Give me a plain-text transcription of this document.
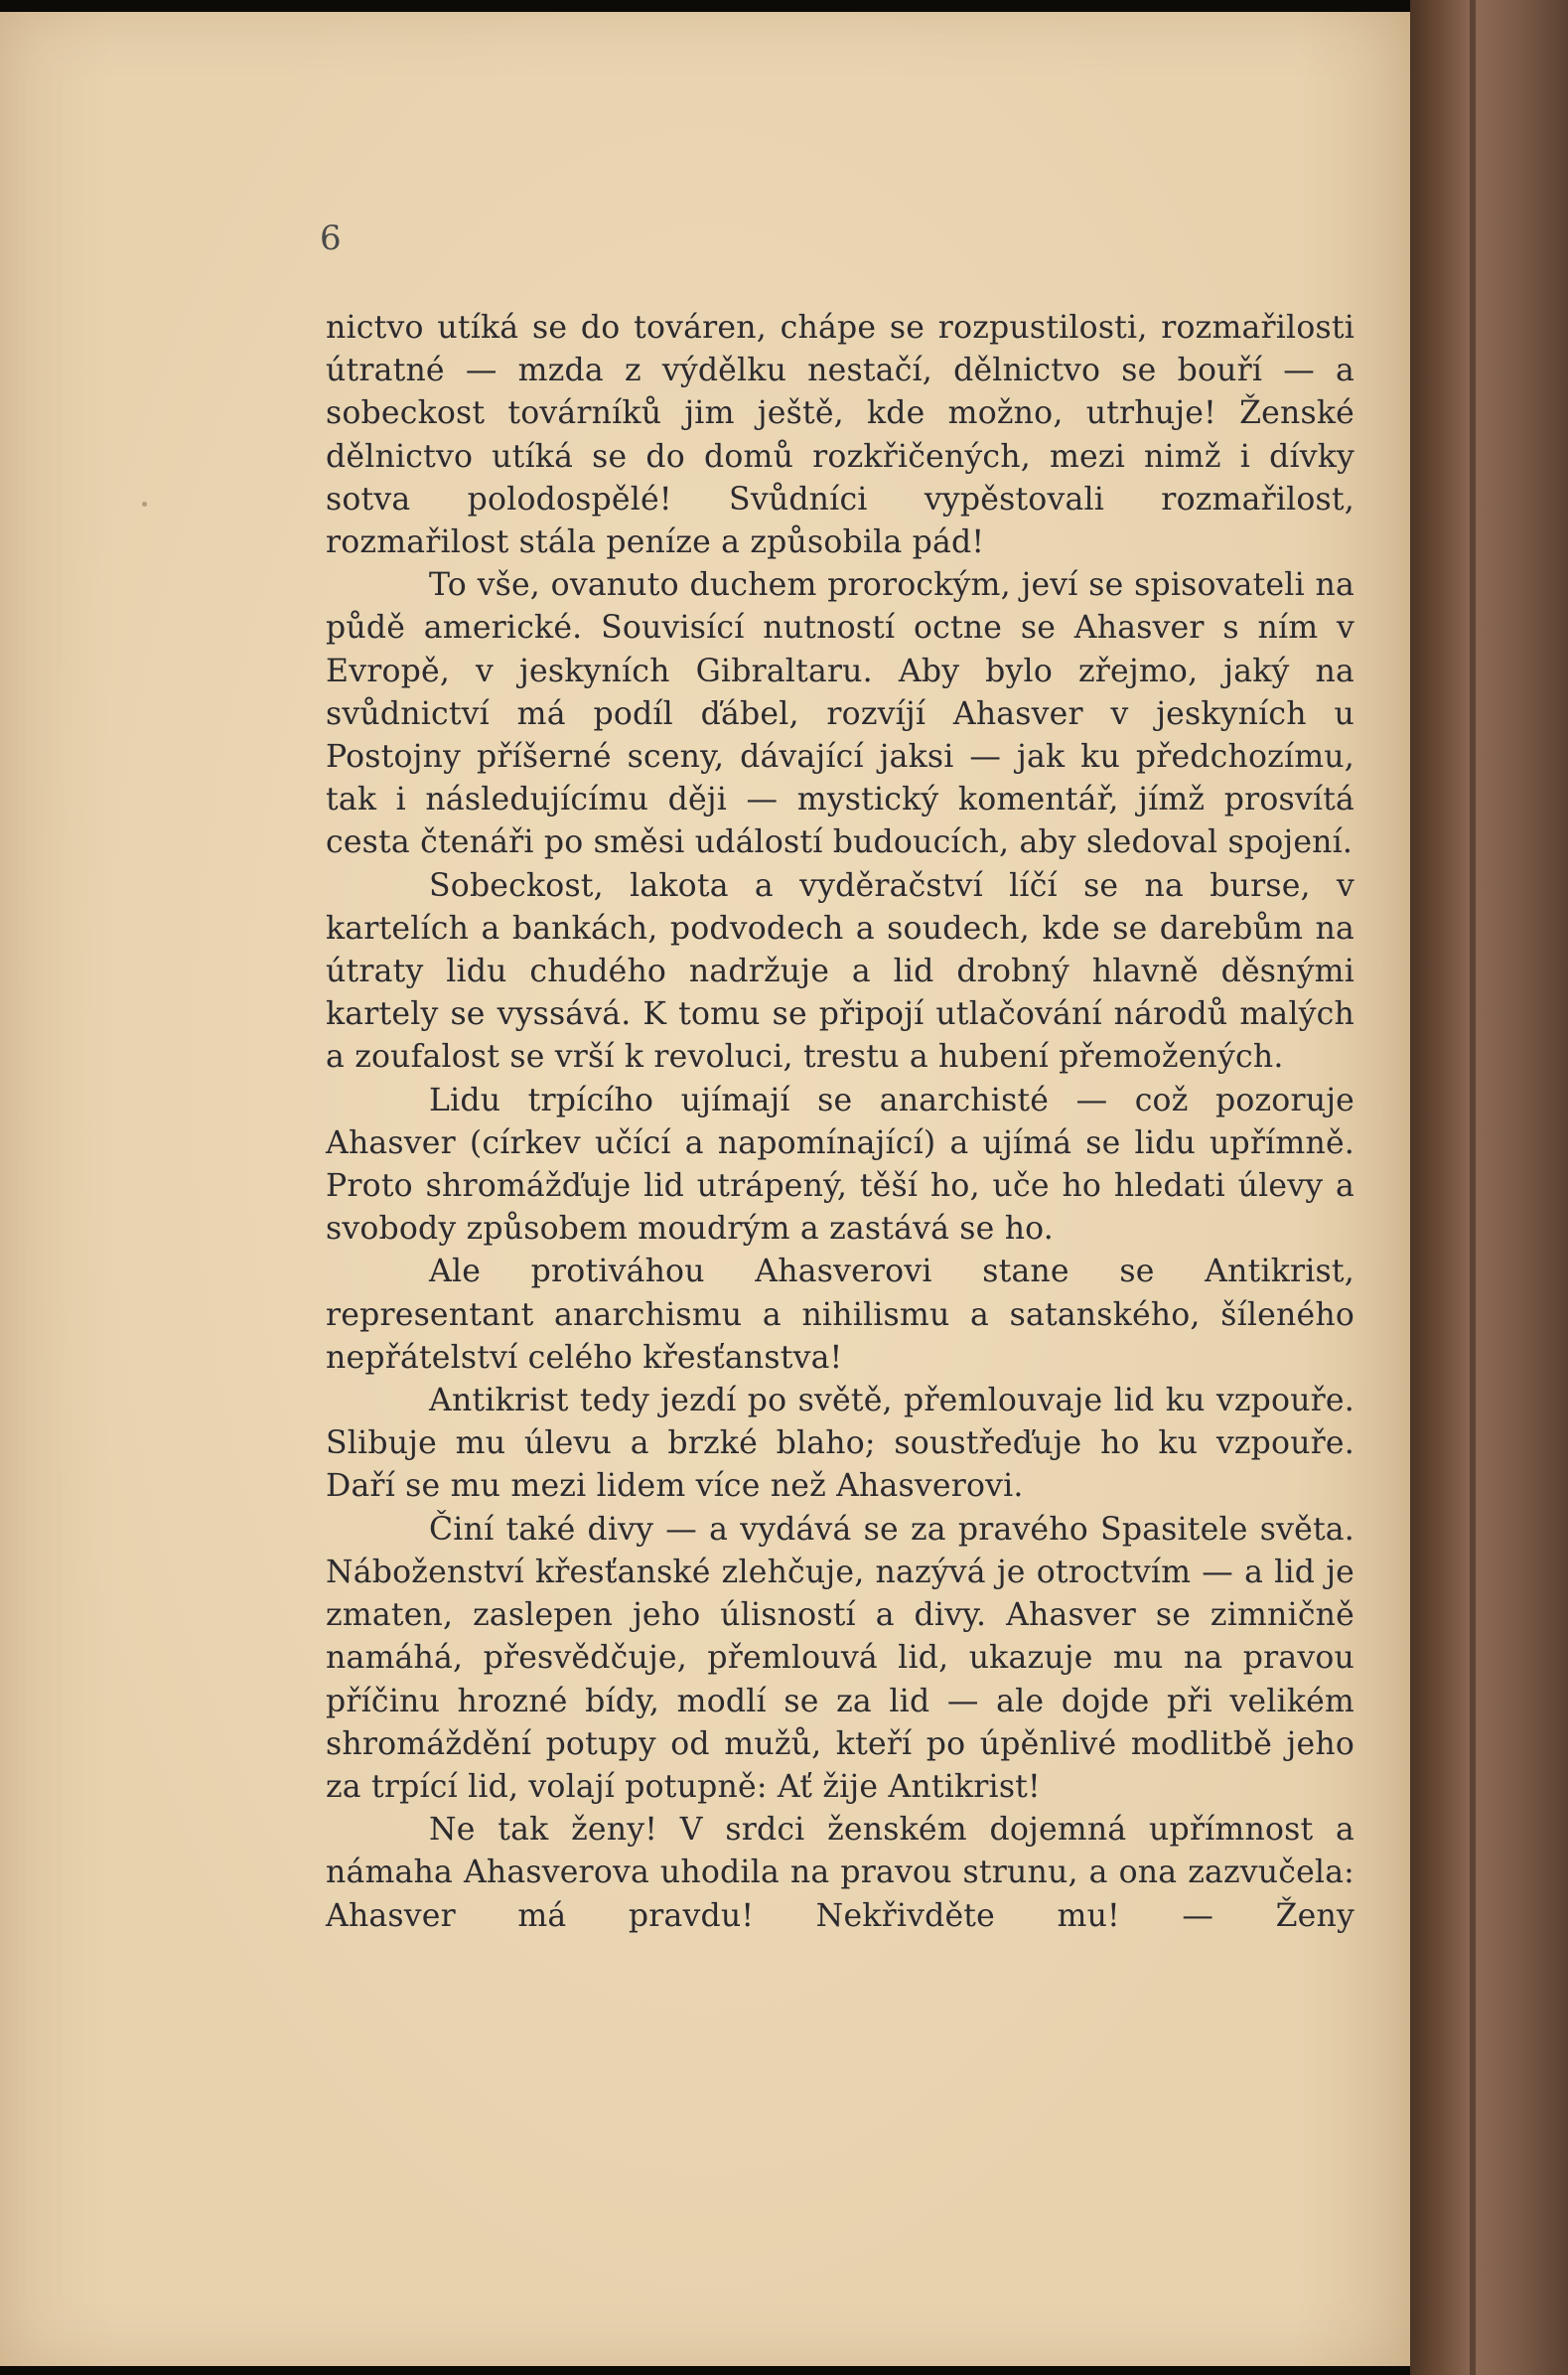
6

nictvo utíká se do továren, chápe se rozpustilosti, rozmařilosti útratné — mzda z výdělku nestačí, dělnictvo se bouří — a sobeckost továrníků jim ještě, kde možno, utrhuje! Ženské dělnictvo utíká se do domů rozkřičených, mezi nimž i dívky sotva polodospělé! Svůdníci vypěstovali rozmařilost, rozmařilost stála peníze a způsobila pád!

To vše, ovanuto duchem prorockým, jeví se spisovateli na půdě americké. Souvisící nutností octne se Ahasver s ním v Evropě, v jeskyních Gibraltaru. Aby bylo zřejmo, jaký na svůdnictví má podíl ďábel, rozvíjí Ahasver v jeskyních u Postojny příšerné sceny, dávající jaksi — jak ku předchozímu, tak i následujícímu ději — mystický komentář, jímž prosvítá cesta čtenáři po směsi událostí budoucích, aby sledoval spojení.

Sobeckost, lakota a vyděračství líčí se na burse, v kartelích a bankách, podvodech a soudech, kde se darebům na útraty lidu chudého nadržuje a lid drobný hlavně děsnými kartely se vyssává. K tomu se připojí utlačování národů malých a zoufalost se vrší k revoluci, trestu a hubení přemožených.

Lidu trpícího ujímají se anarchisté — což pozoruje Ahasver (církev učící a napomínající) a ujímá se lidu upřímně. Proto shromážďuje lid utrápený, těší ho, uče ho hledati úlevy a svobody způsobem moudrým a zastává se ho.

Ale protiváhou Ahasverovi stane se Antikrist, representant anarchismu a nihilismu a satanského, šíleného nepřátelství celého křesťanstva!

Antikrist tedy jezdí po světě, přemlouvaje lid ku vzpouře. Slibuje mu úlevu a brzké blaho; soustřeďuje ho ku vzpouře. Daří se mu mezi lidem více než Ahasverovi.

Činí také divy — a vydává se za pravého Spasitele světa. Náboženství křesťanské zlehčuje, nazývá je otroctvím — a lid je zmaten, zaslepen jeho úlisností a divy. Ahasver se zimničně namáhá, přesvědčuje, přemlouvá lid, ukazuje mu na pravou příčinu hrozné bídy, modlí se za lid — ale dojde při velikém shromáždění potupy od mužů, kteří po úpěnlivé modlitbě jeho za trpící lid, volají potupně: Ať žije Antikrist!

Ne tak ženy! V srdci ženském dojemná upřímnost a námaha Ahasverova uhodila na pravou strunu, a ona zazvučela: Ahasver má pravdu! Nekřivděte mu! — Ženy
